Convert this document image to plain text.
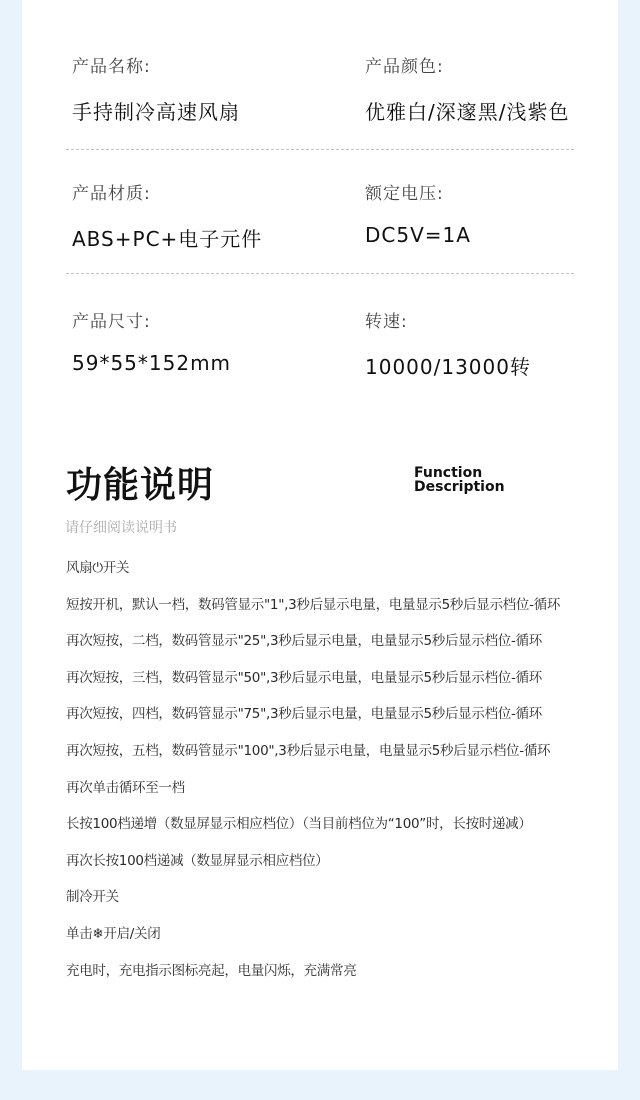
产品名称:
手持制冷高速风扇
产品颜色:
优雅白/深邃黑/浅紫色
产品材质:
ABS+PC+电子元件
额定电压:
DC5V=1A
产品尺寸:
59*55*152mm
转速:
10000/13000转
功能说明	Function
Description
请仔细阅读说明书
风扇⏻开关
短按开机，默认一档，数码管显示"1",3秒后显示电量，电量显示5秒后显示档位-循环
再次短按，二档，数码管显示"25",3秒后显示电量，电量显示5秒后显示档位-循环
再次短按，三档，数码管显示"50",3秒后显示电量，电量显示5秒后显示档位-循环
再次短按，四档，数码管显示"75",3秒后显示电量，电量显示5秒后显示档位-循环
再次短按，五档，数码管显示"100",3秒后显示电量，电量显示5秒后显示档位-循环
再次单击循环至一档
长按100档递增（数显屏显示相应档位）（当目前档位为“100”时，长按时递减）
再次长按100档递减（数显屏显示相应档位）
制冷开关
单击❄开启/关闭
充电时，充电指示图标亮起，电量闪烁，充满常亮
